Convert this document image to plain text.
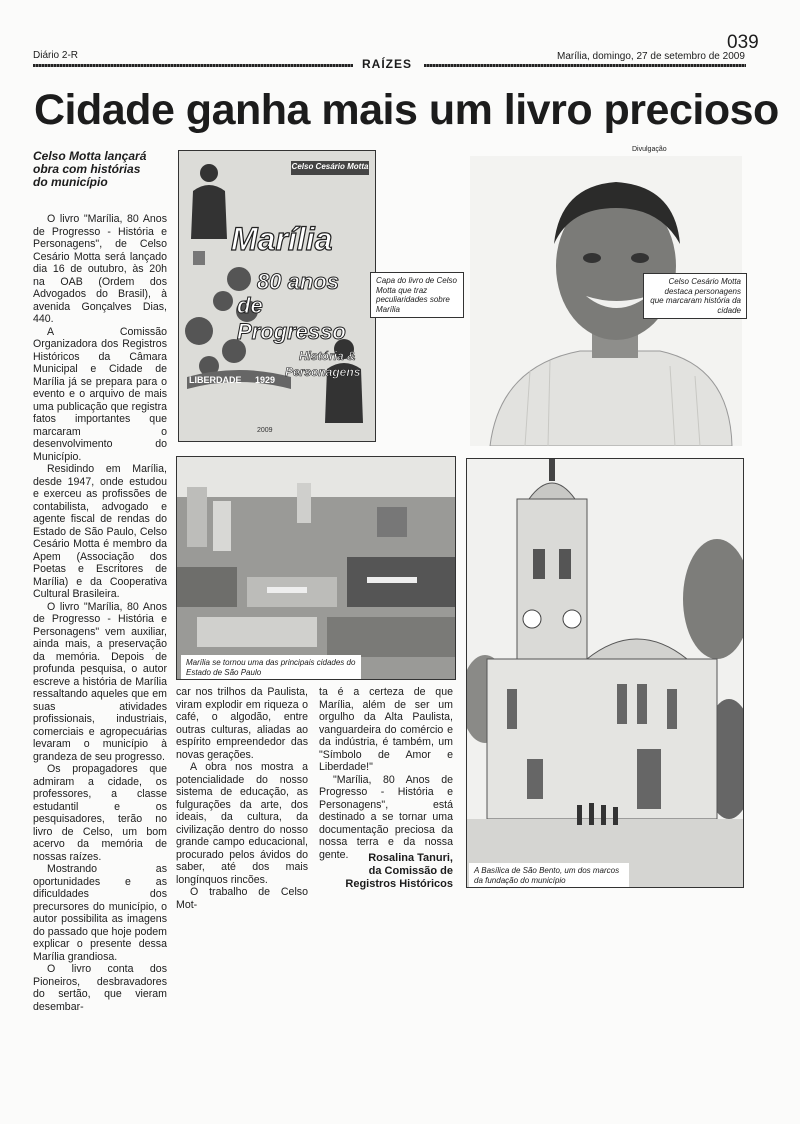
Diário 2-R
039
Marília, domingo, 27 de setembro de 2009
RAÍZES
Cidade ganha mais um livro precioso
Celso Motta lançará obra com histórias do município

O livro "Marília, 80 Anos de Progresso - História e Personagens", de Celso Cesário Motta será lançado dia 16 de outubro, às 20h na OAB (Ordem dos Advogados do Brasil), à avenida Gonçalves Dias, 440.

A Comissão Organizadora dos Registros Históricos da Câmara Municipal e Cidade de Marília já se prepara para o evento e o arquivo de mais uma publicação que registra fatos importantes que marcaram o desenvolvimento do Município.

Residindo em Marília, desde 1947, onde estudou e exerceu as profissões de contabilista, advogado e agente fiscal de rendas do Estado de São Paulo, Celso Cesário Motta é membro da Apem (Associação dos Poetas e Escritores de Marília) e da Cooperativa Cultural Brasileira.

O livro "Marília, 80 Anos de Progresso - História e Personagens" vem auxiliar, ainda mais, a preservação da memória. Depois de profunda pesquisa, o autor escreve a história de Marília ressaltando aqueles que em suas atividades profissionais, industriais, comerciais e agropecuárias levaram o município à grandeza de seu progresso.

Os propagadores que admiram a cidade, os professores, a classe estudantil e os pesquisadores, terão no livro de Celso, um bom acervo da memória de nossas raízes.

Mostrando as oportunidades e as dificuldades dos precursores do município, o autor possibilita as imagens do passado que hoje podem explicar o presente dessa Marília grandiosa.

O livro conta dos Pioneiros, desbravadores do sertão, que vieram desembar-

Celso Cesário Motta
Marília
80 anos
de Progresso
História &
Personagens
LIBERDADE 1929
2009
Capa do livro de Celso Motta que traz peculiaridades sobre Marília
Divulgação
Celso Cesário Motta destaca personagens que marcaram história da cidade
Marília se tornou uma das principais cidades do Estado de São Paulo

car nos trilhos da Paulista, viram explodir em riqueza o café, o algodão, entre outras culturas, aliadas ao espírito empreendedor das novas gerações.

A obra nos mostra a potencialidade do nosso sistema de educação, as fulgurações da arte, dos ideais, da cultura, da civilização dentro do nosso grande campo educacional, procurado pelos ávidos do saber, até dos mais longínquos rincões.

O trabalho de Celso Mot-

ta é a certeza de que Marília, além de ser um orgulho da Alta Paulista, vanguardeira do comércio e da indústria, é também, um "Símbolo de Amor e Liberdade!"

"Marília, 80 Anos de Progresso - História e Personagens", está destinado a se tornar uma documentação preciosa da nossa terra e da nossa gente.	Rosalina Tanuri,
da Comissão de
Registros Históricos
A Basílica de São Bento, um dos marcos da fundação do município
